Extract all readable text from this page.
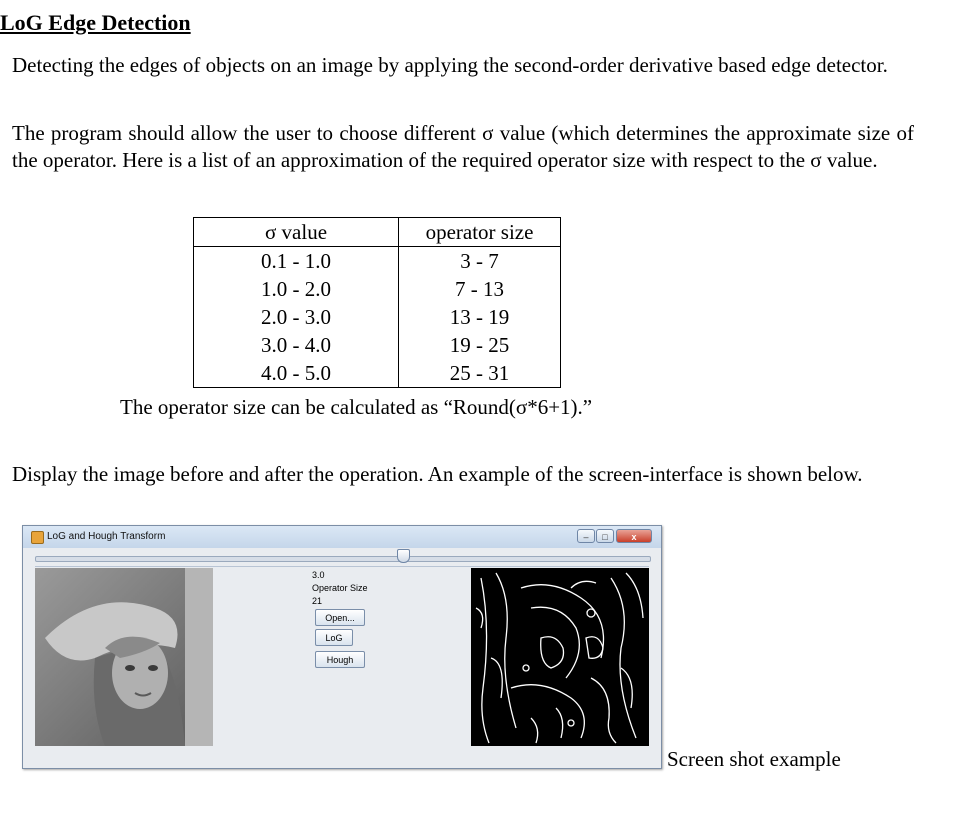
LoG Edge Detection

Detecting the edges of objects on an image by applying the second-order derivative based edge detector.

The program should allow the user to choose different σ value (which determines the approximate size of the operator. Here is a list of an approximation of the required operator size with respect to the σ value.

σ value	operator size
0.1 - 1.0	3 - 7
1.0 - 2.0	7 - 13
2.0 - 3.0	13 - 19
3.0 - 4.0	19 - 25
4.0 - 5.0	25 - 31
The operator size can be calculated as “Round(σ*6+1).”

Display the image before and after the operation. An example of the screen-interface is shown below.

LoG and Hough Transform	–	□	x
3.0
Operator Size
21
Open...
LoG
Hough
Screen shot example
